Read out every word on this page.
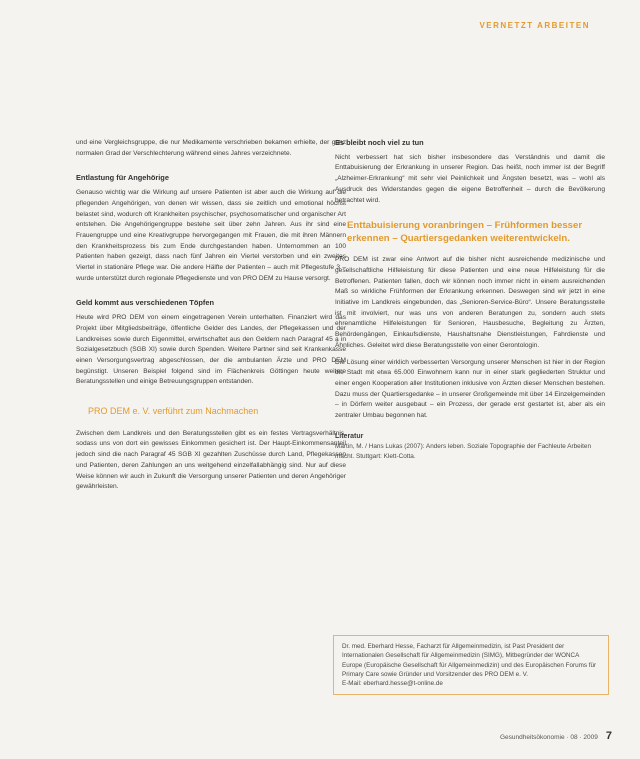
VERNETZT ARBEITEN

und eine Vergleichsgruppe, die nur Medikamente verschrieben bekamen erhielte, der ganz normalen Grad der Verschlechterung während eines Jahres verzeichnete.

Entlastung für Angehörige

Genauso wichtig war die Wirkung auf unsere Patienten ist aber auch die Wirkung auf die pflegenden Angehörigen, von denen wir wissen, dass sie zeitlich und emotional höchst belastet sind, wodurch oft Krankheiten psychischer, psychosomatischer und organischer Art entstehen. Die Angehörigengruppe bestehe seit über zehn Jahren. Aus ihr sind eine Frauengruppe und eine Kreativgruppe hervorgegangen mit Frauen, die mit ihren Männern den Krankheitsprozess bis zum Ende durchgestanden haben. Unternommen an 100 Patienten haben gezeigt, dass nach fünf Jahren ein Viertel verstorben und ein zweites Viertel in stationäre Pflege war. Die andere Hälfte der Patienten – auch mit Pflegestufe 3 – wurde unterstützt durch regionale Pflegedienste und von PRO DEM zu Hause versorgt.

Geld kommt aus verschiedenen Töpfen

Heute wird PRO DEM von einem eingetragenen Verein unterhalten. Finanziert wird das Projekt über Mitgliedsbeiträge, öffentliche Gelder des Landes, der Pflegekassen und der Landkreises sowie durch Eigenmittel, erwirtschaftet aus den Geldern nach Paragraf 45 a in Sozialgesetzbuch (SGB XI) sowie durch Spenden. Weitere Partner sind seit Krankenkasse einen Versorgungsvertrag abgeschlossen, der die ambulanten Ärzte und PRO DEM begünstigt. Unseren Beispiel folgend sind im Flächenkreis Göttingen heute weitere Beratungsstellen und einige Betreuungsgruppen entstanden.

PRO DEM e. V. verführt zum Nachmachen

Zwischen dem Landkreis und den Beratungsstellen gibt es ein festes Vertragsverhältnis, sodass uns von dort ein gewisses Einkommen gesichert ist. Der Haupt-Einkommensanteil jedoch sind die nach Paragraf 45 SGB XI gezahlten Zuschüsse durch Land, Pflegekassen und Patienten, deren Zahlungen an uns weitgehend einzelfallabhängig sind. Nur auf diese Weise können wir auch in Zukunft die Versorgung unserer Patienten und deren Angehöriger gewährleisten.

Es bleibt noch viel zu tun

Nicht verbessert hat sich bisher insbesondere das Verständnis und damit die Enttabuisierung der Erkrankung in unserer Region. Das heißt, noch immer ist der Begriff „Alzheimer-Erkrankung“ mit sehr viel Peinlichkeit und Ängsten besetzt, was – wohl als Ausdruck des Widerstandes gegen die eigene Betroffenheit – durch die Bevölkerung betrachtet wird.

Enttabuisierung voranbringen – Frühformen besser erkennen – Quartiersgedanken weiterentwickeln.

PRO DEM ist zwar eine Antwort auf die bisher nicht ausreichende medizinische und gesellschaftliche Hilfeleistung für diese Patienten und eine neue Hilfeleistung für die Betroffenen. Patienten fallen, doch wir können noch immer nicht in einem ausreichenden Maß so wirkliche Frühformen der Erkrankung erkennen. Deswegen sind wir jetzt in eine Initiative im Landkreis eingebunden, das „Senioren-Service-Büro“. Unsere Beratungsstelle ist mit involviert, nur was uns von anderen Beratungen zu, sondern auch stets ehrenamtliche Hilfeleistungen für Senioren, Hausbesuche, Begleitung zu Ärzten, Behördengängen, Einkaufsdienste, Haushaltsnahe Dienstleistungen, Fahrdienste und Ähnliches. Geleitet wird diese Beratungsstelle von einer Gerontologin.

Die Lösung einer wirklich verbesserten Versorgung unserer Menschen ist hier in der Region die Stadt mit etwa 65.000 Einwohnern kann nur in einer stark gegliederten Struktur und einer engen Kooperation aller Institutionen inklusive von Ärzten dieser Menschen bestehen. Dazu muss der Quartiersgedanke – in unserer Großgemeinde mit über 14 Einzelgemeinden – in Dörfern weiter ausgebaut – ein Prozess, der gerade erst gestartet ist, aber als ein zentraler Umbau begonnen hat.

Literatur
Martin, M. / Hans Lukas (2007): Anders leben. Soziale Topographie der Fachleute Arbeiten macht. Stuttgart: Klett-Cotta.
Dr. med. Eberhard Hesse, Facharzt für Allgemeinmedizin, ist Past President der Internationalen Gesellschaft für Allgemeinmedizin (SIMG), Mitbegründer der WONCA Europe (Europäische Gesellschaft für Allgemeinmedizin) und des Europäischen Forums für Primary Care sowie Gründer und Vorsitzender des PRO DEM e. V.
E-Mail: eberhard.hesse@t-online.de
Gesundheitsökonomie · 08 · 2009 7
